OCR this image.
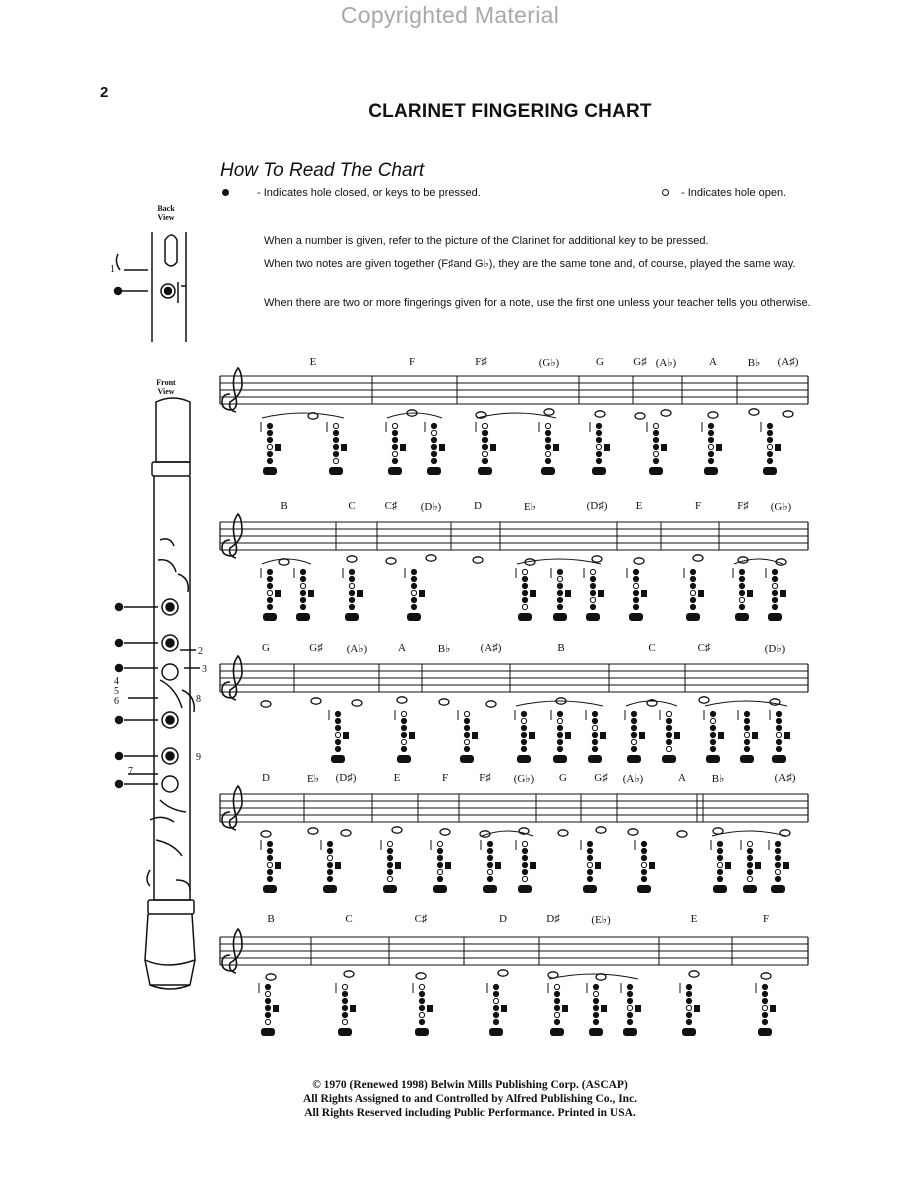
Copyrighted Material
2
CLARINET FINGERING CHART
How To Read The Chart
- Indicates hole closed, or keys to be pressed.	- Indicates hole open.
When a number is given, refer to the picture of the Clarinet for additional key to be pressed.
When two notes are given together (F♯and G♭), they are the same tone and, of course, played the same way.
When there are two or more fingerings given for a note, use the first one unless your teacher tells you otherwise.
Back View
Front View
1
2
3
4
5
6
7
8
9
E	F	F♯	(G♭)	G	G♯ (A♭)	A	B♭	(A♯)
B	C	C♯	(D♭)	D	E♭	(D♯)	E	F	F♯	(G♭)
G	G♯	(A♭)	A	B♭	(A♯)	B	C	C♯	(D♭)
D	E♭	(D♯)	E	F	F♯	(G♭)	G	G♯	(A♭)	A	B♭	(A♯)
B	C	C♯	D	D♯	(E♭)	E	F
© 1970 (Renewed 1998) Belwin Mills Publishing Corp. (ASCAP)
All Rights Assigned to and Controlled by Alfred Publishing Co., Inc.
All Rights Reserved including Public Performance. Printed in USA.
